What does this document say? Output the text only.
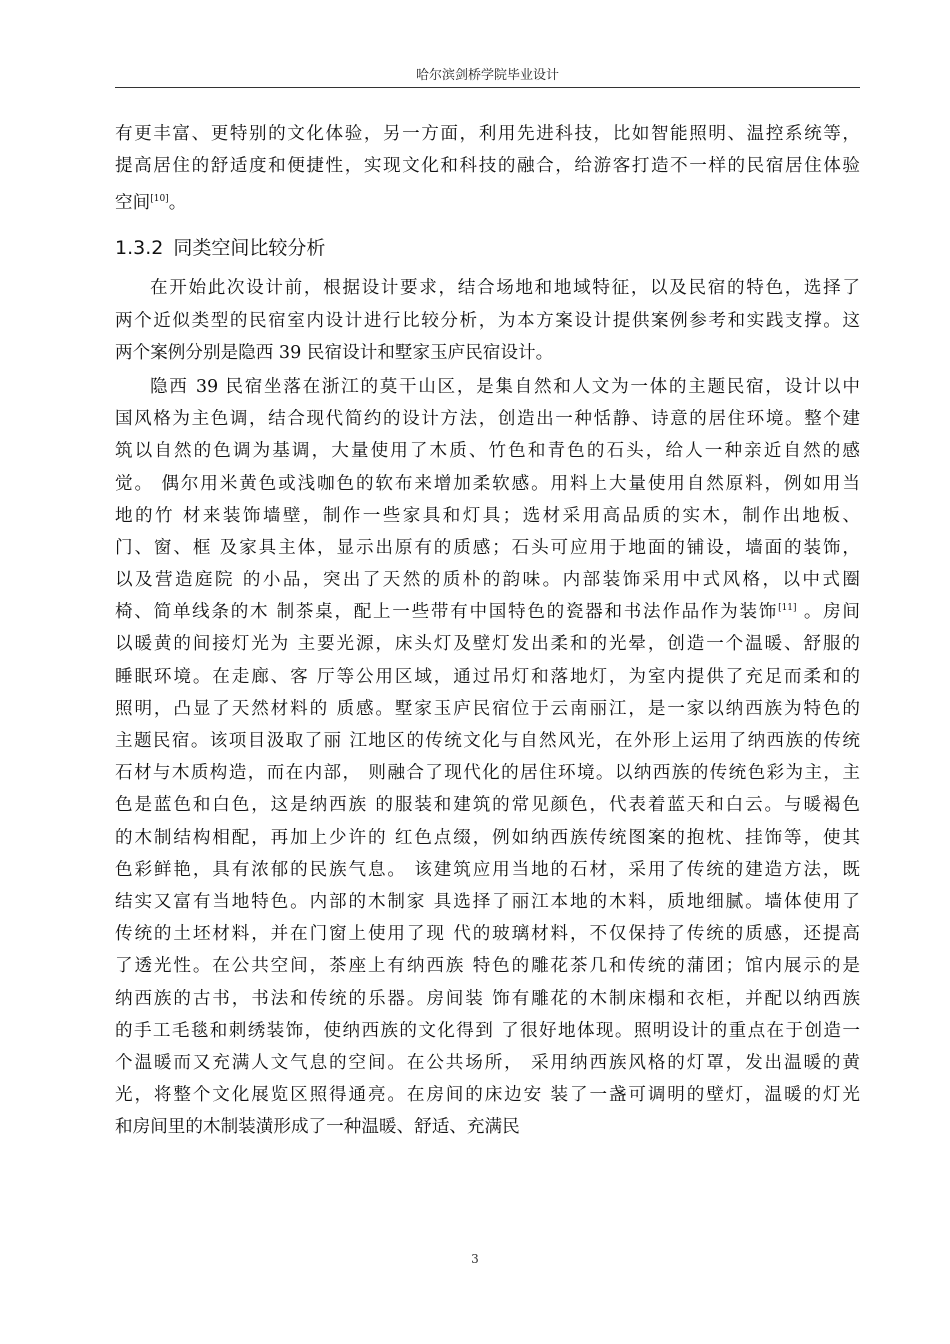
哈尔滨剑桥学院毕业设计
有更丰富、更特别的文化体验，另一方面，利用先进科技，比如智能照明、温控系统等，
提高居住的舒适度和便捷性，实现文化和科技的融合，给游客打造不一样的民宿居住体验
空间[10]。
1.3.2 同类空间比较分析
在开始此次设计前，根据设计要求，结合场地和地域特征，以及民宿的特色，选择了
两个近似类型的民宿室内设计进行比较分析，为本方案设计提供案例参考和实践支撑。这
两个案例分别是隐西 39 民宿设计和墅家玉庐民宿设计。
隐西 39 民宿坐落在浙江的莫干山区，是集自然和人文为一体的主题民宿，设计以中
国风格为主色调，结合现代简约的设计方法，创造出一种恬静、诗意的居住环境。整个建
筑以自然的色调为基调，大量使用了木质、竹色和青色的石头，给人一种亲近自然的感
觉。 偶尔用米黄色或浅咖色的软布来增加柔软感。用料上大量使用自然原料，例如用当
地的竹 材来装饰墙壁，制作一些家具和灯具；选材采用高品质的实木，制作出地板、
门、窗、框 及家具主体，显示出原有的质感；石头可应用于地面的铺设，墙面的装饰，
以及营造庭院 的小品，突出了天然的质朴的韵味。内部装饰采用中式风格，以中式圈
椅、简单线条的木 制茶桌，配上一些带有中国特色的瓷器和书法作品作为装饰[11] 。房间
以暖黄的间接灯光为 主要光源，床头灯及壁灯发出柔和的光晕，创造一个温暖、舒服的
睡眠环境。在走廊、客 厅等公用区域，通过吊灯和落地灯，为室内提供了充足而柔和的
照明，凸显了天然材料的 质感。墅家玉庐民宿位于云南丽江，是一家以纳西族为特色的
主题民宿。该项目汲取了丽 江地区的传统文化与自然风光，在外形上运用了纳西族的传统
石材与木质构造，而在内部， 则融合了现代化的居住环境。以纳西族的传统色彩为主，主
色是蓝色和白色，这是纳西族 的服装和建筑的常见颜色，代表着蓝天和白云。与暖褐色
的木制结构相配，再加上少许的 红色点缀，例如纳西族传统图案的抱枕、挂饰等，使其
色彩鲜艳，具有浓郁的民族气息。 该建筑应用当地的石材，采用了传统的建造方法，既
结实又富有当地特色。内部的木制家 具选择了丽江本地的木料，质地细腻。墙体使用了
传统的土坯材料，并在门窗上使用了现 代的玻璃材料，不仅保持了传统的质感，还提高
了透光性。在公共空间，茶座上有纳西族 特色的雕花茶几和传统的蒲团；馆内展示的是
纳西族的古书，书法和传统的乐器。房间装 饰有雕花的木制床榻和衣柜，并配以纳西族
的手工毛毯和刺绣装饰，使纳西族的文化得到 了很好地体现。照明设计的重点在于创造一
个温暖而又充满人文气息的空间。在公共场所， 采用纳西族风格的灯罩，发出温暖的黄
光，将整个文化展览区照得通亮。在房间的床边安 装了一盏可调明的壁灯，温暖的灯光
和房间里的木制装潢形成了一种温暖、舒适、充满民
3
